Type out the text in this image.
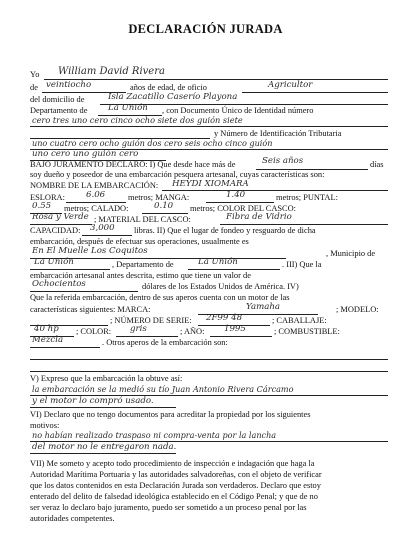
DECLARACIÓN JURADA
Yo William David Rivera
de veintiocho	años de edad, de oficio	Agricultor
del domicilio de	Isla Zacatillo Caserío Playona
Departamento de La Unión , con Documento Único de Identidad número
cero tres uno cero cinco ocho siete dos guión siete
y Número de Identificación Tributaria
uno cuatro cero ocho guión dos cero seis ocho cinco guión
uno cero uno guión cero
BAJO JURAMENTO DECLARO: I) Que desde hace más de	Seis años	días
soy dueño y poseedor de una embarcación pesquera artesanal, cuyas características son:
NOMBRE DE LA EMBARCACIÓN: HEYDI XIOMARA
ESLORA: 6.06	metros; MANGA:	1.40	metros; PUNTAL:
0.55 metros; CALADO:	0.10 metros; COLOR DEL CASCO:
Rosa y Verde ; MATERIAL DEL CASCO:	Fibra de Vidrio
CAPACIDAD: 3,000 libras. II) Que el lugar de fondeo y resguardo de dicha
embarcación, después de efectuar sus operaciones, usualmente es
En El Muelle Los Coquitos	, Municipio de
La Unión	, Departamento de	La Unión	. III) Que la
embarcación artesanal antes descrita, estimo que tiene un valor de
Ochocientos	dólares de los Estados Unidos de América. IV)
Que la referida embarcación, dentro de sus aperos cuenta con un motor de las
características siguientes: MARCA:	Yamaha	; MODELO:
; NÚMERO DE SERIE: 2F99 48	; CABALLAJE:
40 hp ; COLOR: gris	; AÑO: 1995	; COMBUSTIBLE:
Mezcla	. Otros aperos de la embarcación son:
V) Expreso que la embarcación la obtuve así:
la embarcación se la medió su tío Juan Antonio Rivera Cárcamo
y el motor lo compró usado.
VI) Declaro que no tengo documentos para acreditar la propiedad por los siguientes
motivos:
no habían realizado traspaso ni compra-venta por la lancha
del motor no le entregaron nada.
VII) Me someto y acepto todo procedimiento de inspección e indagación que haga la
Autoridad Marítima Portuaria y las autoridades salvadoreñas, con el objeto de verificar
que los datos contenidos en esta Declaración Jurada son verdaderos. Declaro que estoy
enterado del delito de falsedad ideológica establecido en el Código Penal; y que de no
ser veraz lo declaro bajo juramento, puedo ser sometido a un proceso penal por las
autoridades competentes.
